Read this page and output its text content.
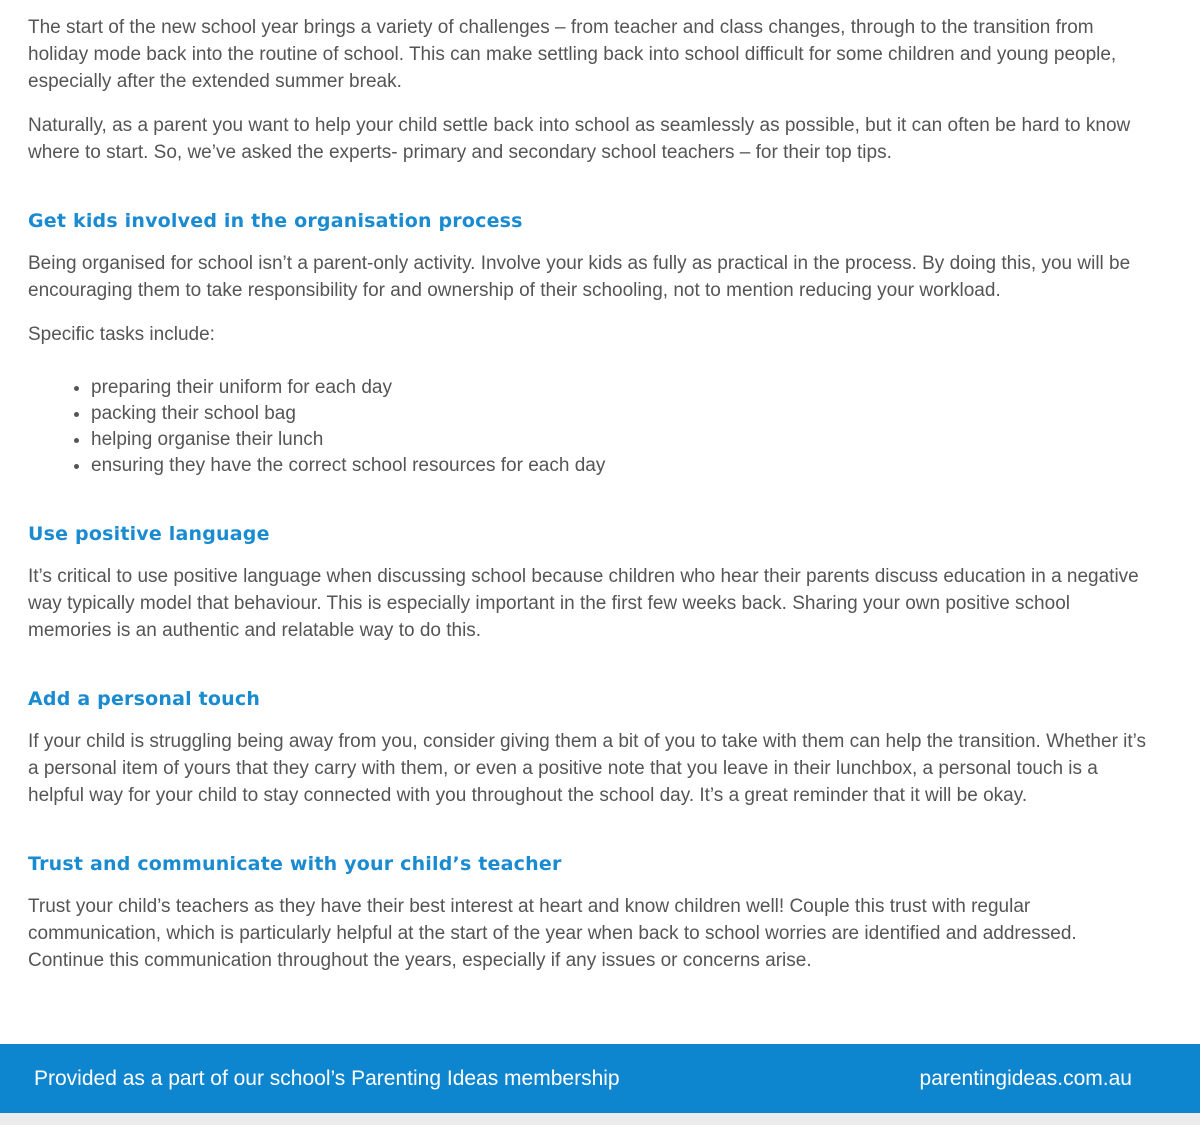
The start of the new school year brings a variety of challenges – from teacher and class changes, through to the transition from holiday mode back into the routine of school. This can make settling back into school difficult for some children and young people, especially after the extended summer break.

Naturally, as a parent you want to help your child settle back into school as seamlessly as possible, but it can often be hard to know where to start. So, we’ve asked the experts- primary and secondary school teachers – for their top tips.

Get kids involved in the organisation process

Being organised for school isn’t a parent-only activity. Involve your kids as fully as practical in the process. By doing this, you will be encouraging them to take responsibility for and ownership of their schooling, not to mention reducing your workload.

Specific tasks include:

• preparing their uniform for each day
• packing their school bag
• helping organise their lunch
• ensuring they have the correct school resources for each day
Use positive language

It’s critical to use positive language when discussing school because children who hear their parents discuss education in a negative way typically model that behaviour. This is especially important in the first few weeks back. Sharing your own positive school memories is an authentic and relatable way to do this.

Add a personal touch

If your child is struggling being away from you, consider giving them a bit of you to take with them can help the transition. Whether it’s a personal item of yours that they carry with them, or even a positive note that you leave in their lunchbox, a personal touch is a helpful way for your child to stay connected with you throughout the school day. It’s a great reminder that it will be okay.

Trust and communicate with your child’s teacher

Trust your child’s teachers as they have their best interest at heart and know children well! Couple this trust with regular communication, which is particularly helpful at the start of the year when back to school worries are identified and addressed. Continue this communication throughout the years, especially if any issues or concerns arise.

Provided as a part of our school’s Parenting Ideas membership	parentingideas.com.au
